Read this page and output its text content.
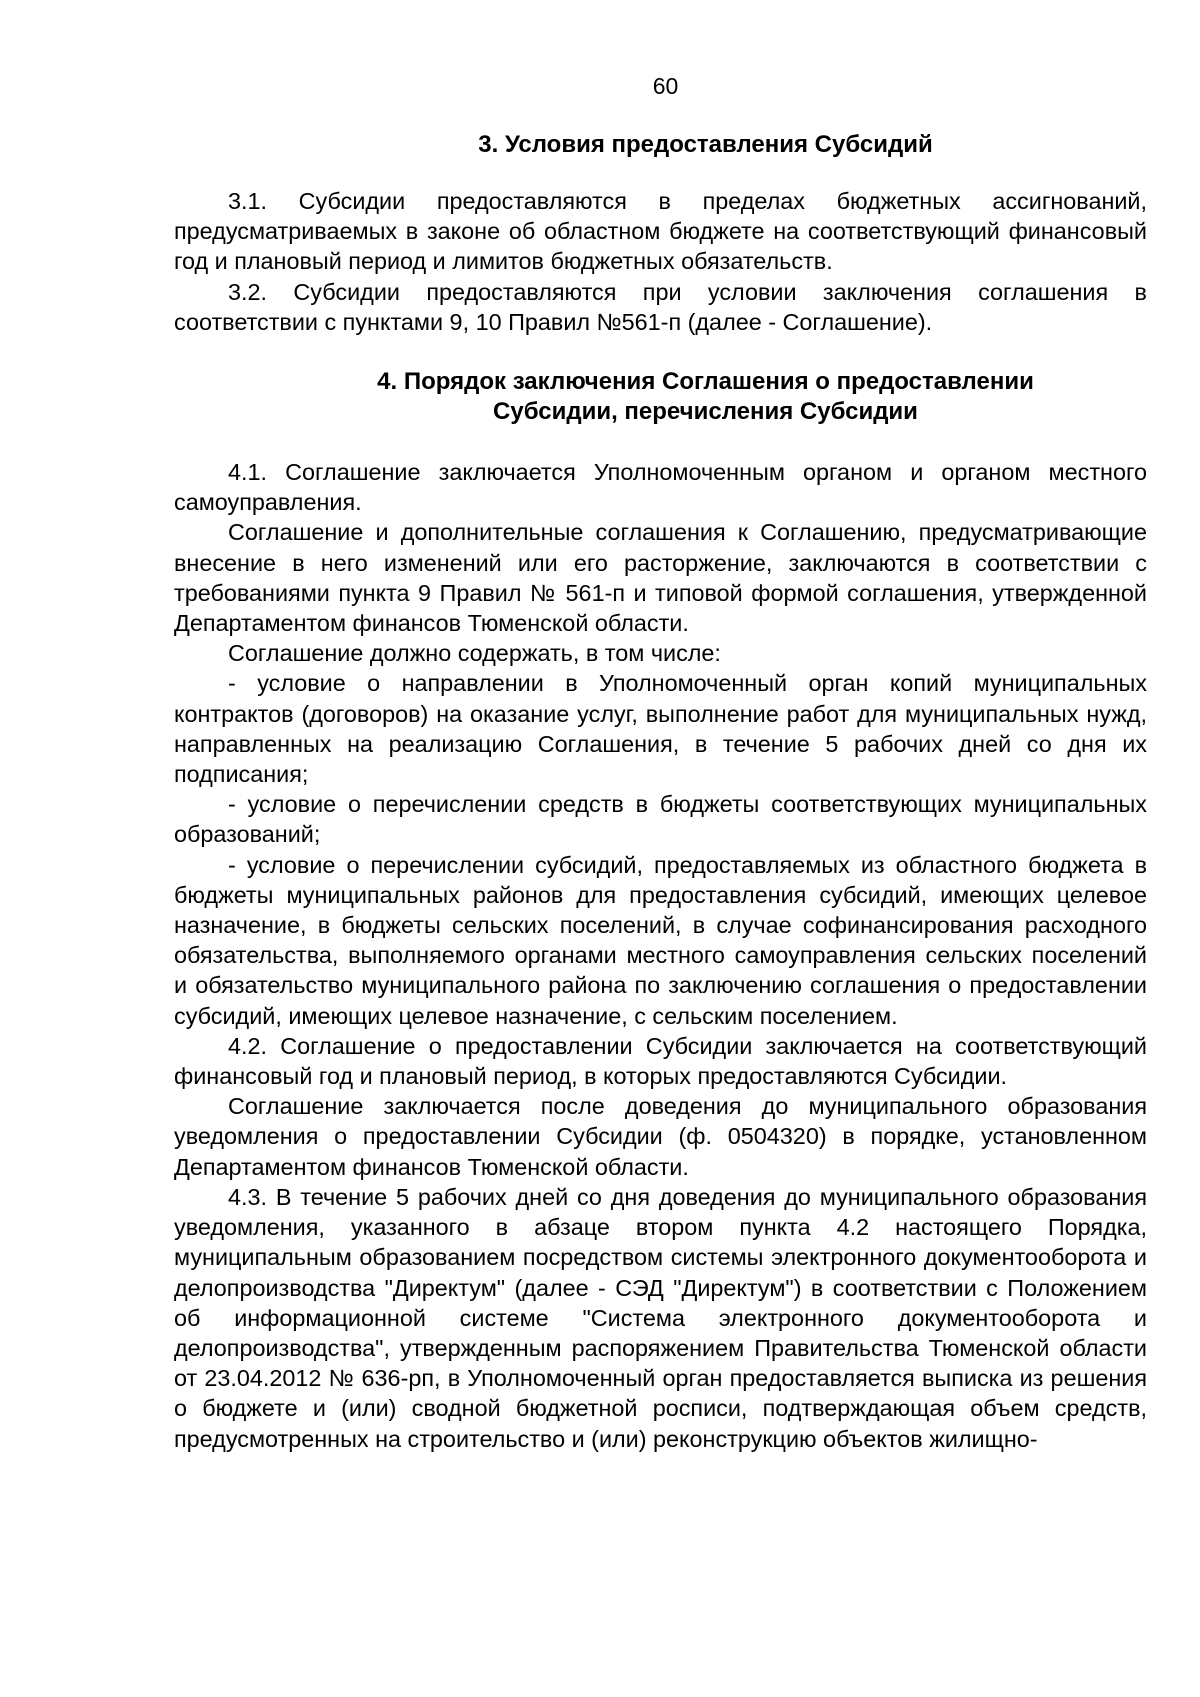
60
3. Условия предоставления Субсидий

3.1. Субсидии предоставляются в пределах бюджетных ассигнований, предусматриваемых в законе об областном бюджете на соответствующий финансовый год и плановый период и лимитов бюджетных обязательств.

3.2. Субсидии предоставляются при условии заключения соглашения в соответствии с пунктами 9, 10 Правил №561-п (далее - Соглашение).

4. Порядок заключения Соглашения о предоставлении
Субсидии, перечисления Субсидии

4.1. Соглашение заключается Уполномоченным органом и органом местного самоуправления.

Соглашение и дополнительные соглашения к Соглашению, предусматривающие внесение в него изменений или его расторжение, заключаются в соответствии с требованиями пункта 9 Правил № 561-п и типовой формой соглашения, утвержденной Департаментом финансов Тюменской области.

Соглашение должно содержать, в том числе:

- условие о направлении в Уполномоченный орган копий муниципальных контрактов (договоров) на оказание услуг, выполнение работ для муниципальных нужд, направленных на реализацию Соглашения, в течение 5 рабочих дней со дня их подписания;

- условие о перечислении средств в бюджеты соответствующих муниципальных образований;

- условие о перечислении субсидий, предоставляемых из областного бюджета в бюджеты муниципальных районов для предоставления субсидий, имеющих целевое назначение, в бюджеты сельских поселений, в случае софинансирования расходного обязательства, выполняемого органами местного самоуправления сельских поселений и обязательство муниципального района по заключению соглашения о предоставлении субсидий, имеющих целевое назначение, с сельским поселением.

4.2. Соглашение о предоставлении Субсидии заключается на соответствующий финансовый год и плановый период, в которых предоставляются Субсидии.

Соглашение заключается после доведения до муниципального образования уведомления о предоставлении Субсидии (ф. 0504320) в порядке, установленном Департаментом финансов Тюменской области.

4.3. В течение 5 рабочих дней со дня доведения до муниципального образования уведомления, указанного в абзаце втором пункта 4.2 настоящего Порядка, муниципальным образованием посредством системы электронного документооборота и делопроизводства "Директум" (далее - СЭД "Директум") в соответствии с Положением об информационной системе "Система электронного документооборота и делопроизводства", утвержденным распоряжением Правительства Тюменской области от 23.04.2012 № 636-рп, в Уполномоченный орган предоставляется выписка из решения о бюджете и (или) сводной бюджетной росписи, подтверждающая объем средств, предусмотренных на строительство и (или) реконструкцию объектов жилищно-
